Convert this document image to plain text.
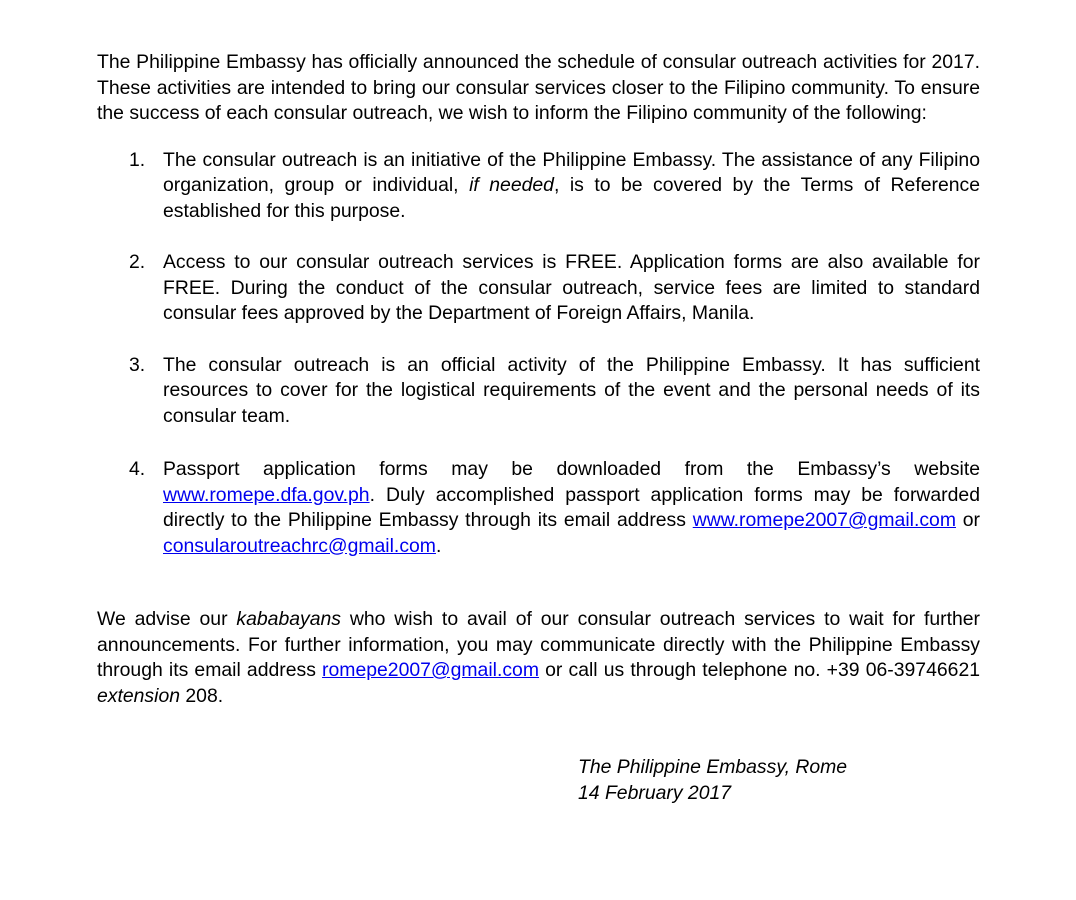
The Philippine Embassy has officially announced the schedule of consular outreach activities for 2017. These activities are intended to bring our consular services closer to the Filipino community. To ensure the success of each consular outreach, we wish to inform the Filipino community of the following:

1. The consular outreach is an initiative of the Philippine Embassy. The assistance of any Filipino organization, group or individual, if needed, is to be covered by the Terms of Reference established for this purpose.
2. Access to our consular outreach services is FREE. Application forms are also available for FREE. During the conduct of the consular outreach, service fees are limited to standard consular fees approved by the Department of Foreign Affairs, Manila.
3. The consular outreach is an official activity of the Philippine Embassy. It has sufficient resources to cover for the logistical requirements of the event and the personal needs of its consular team.
4. Passport application forms may be downloaded from the Embassy’s website www.romepe.dfa.gov.ph. Duly accomplished passport application forms may be forwarded directly to the Philippine Embassy through its email address www.romepe2007@gmail.com or consularoutreachrc@gmail.com.

We advise our kababayans who wish to avail of our consular outreach services to wait for further announcements. For further information, you may communicate directly with the Philippine Embassy through its email address romepe2007@gmail.com or call us through telephone no. +39 06-39746621 extension 208.

The Philippine Embassy, Rome
14 February 2017
